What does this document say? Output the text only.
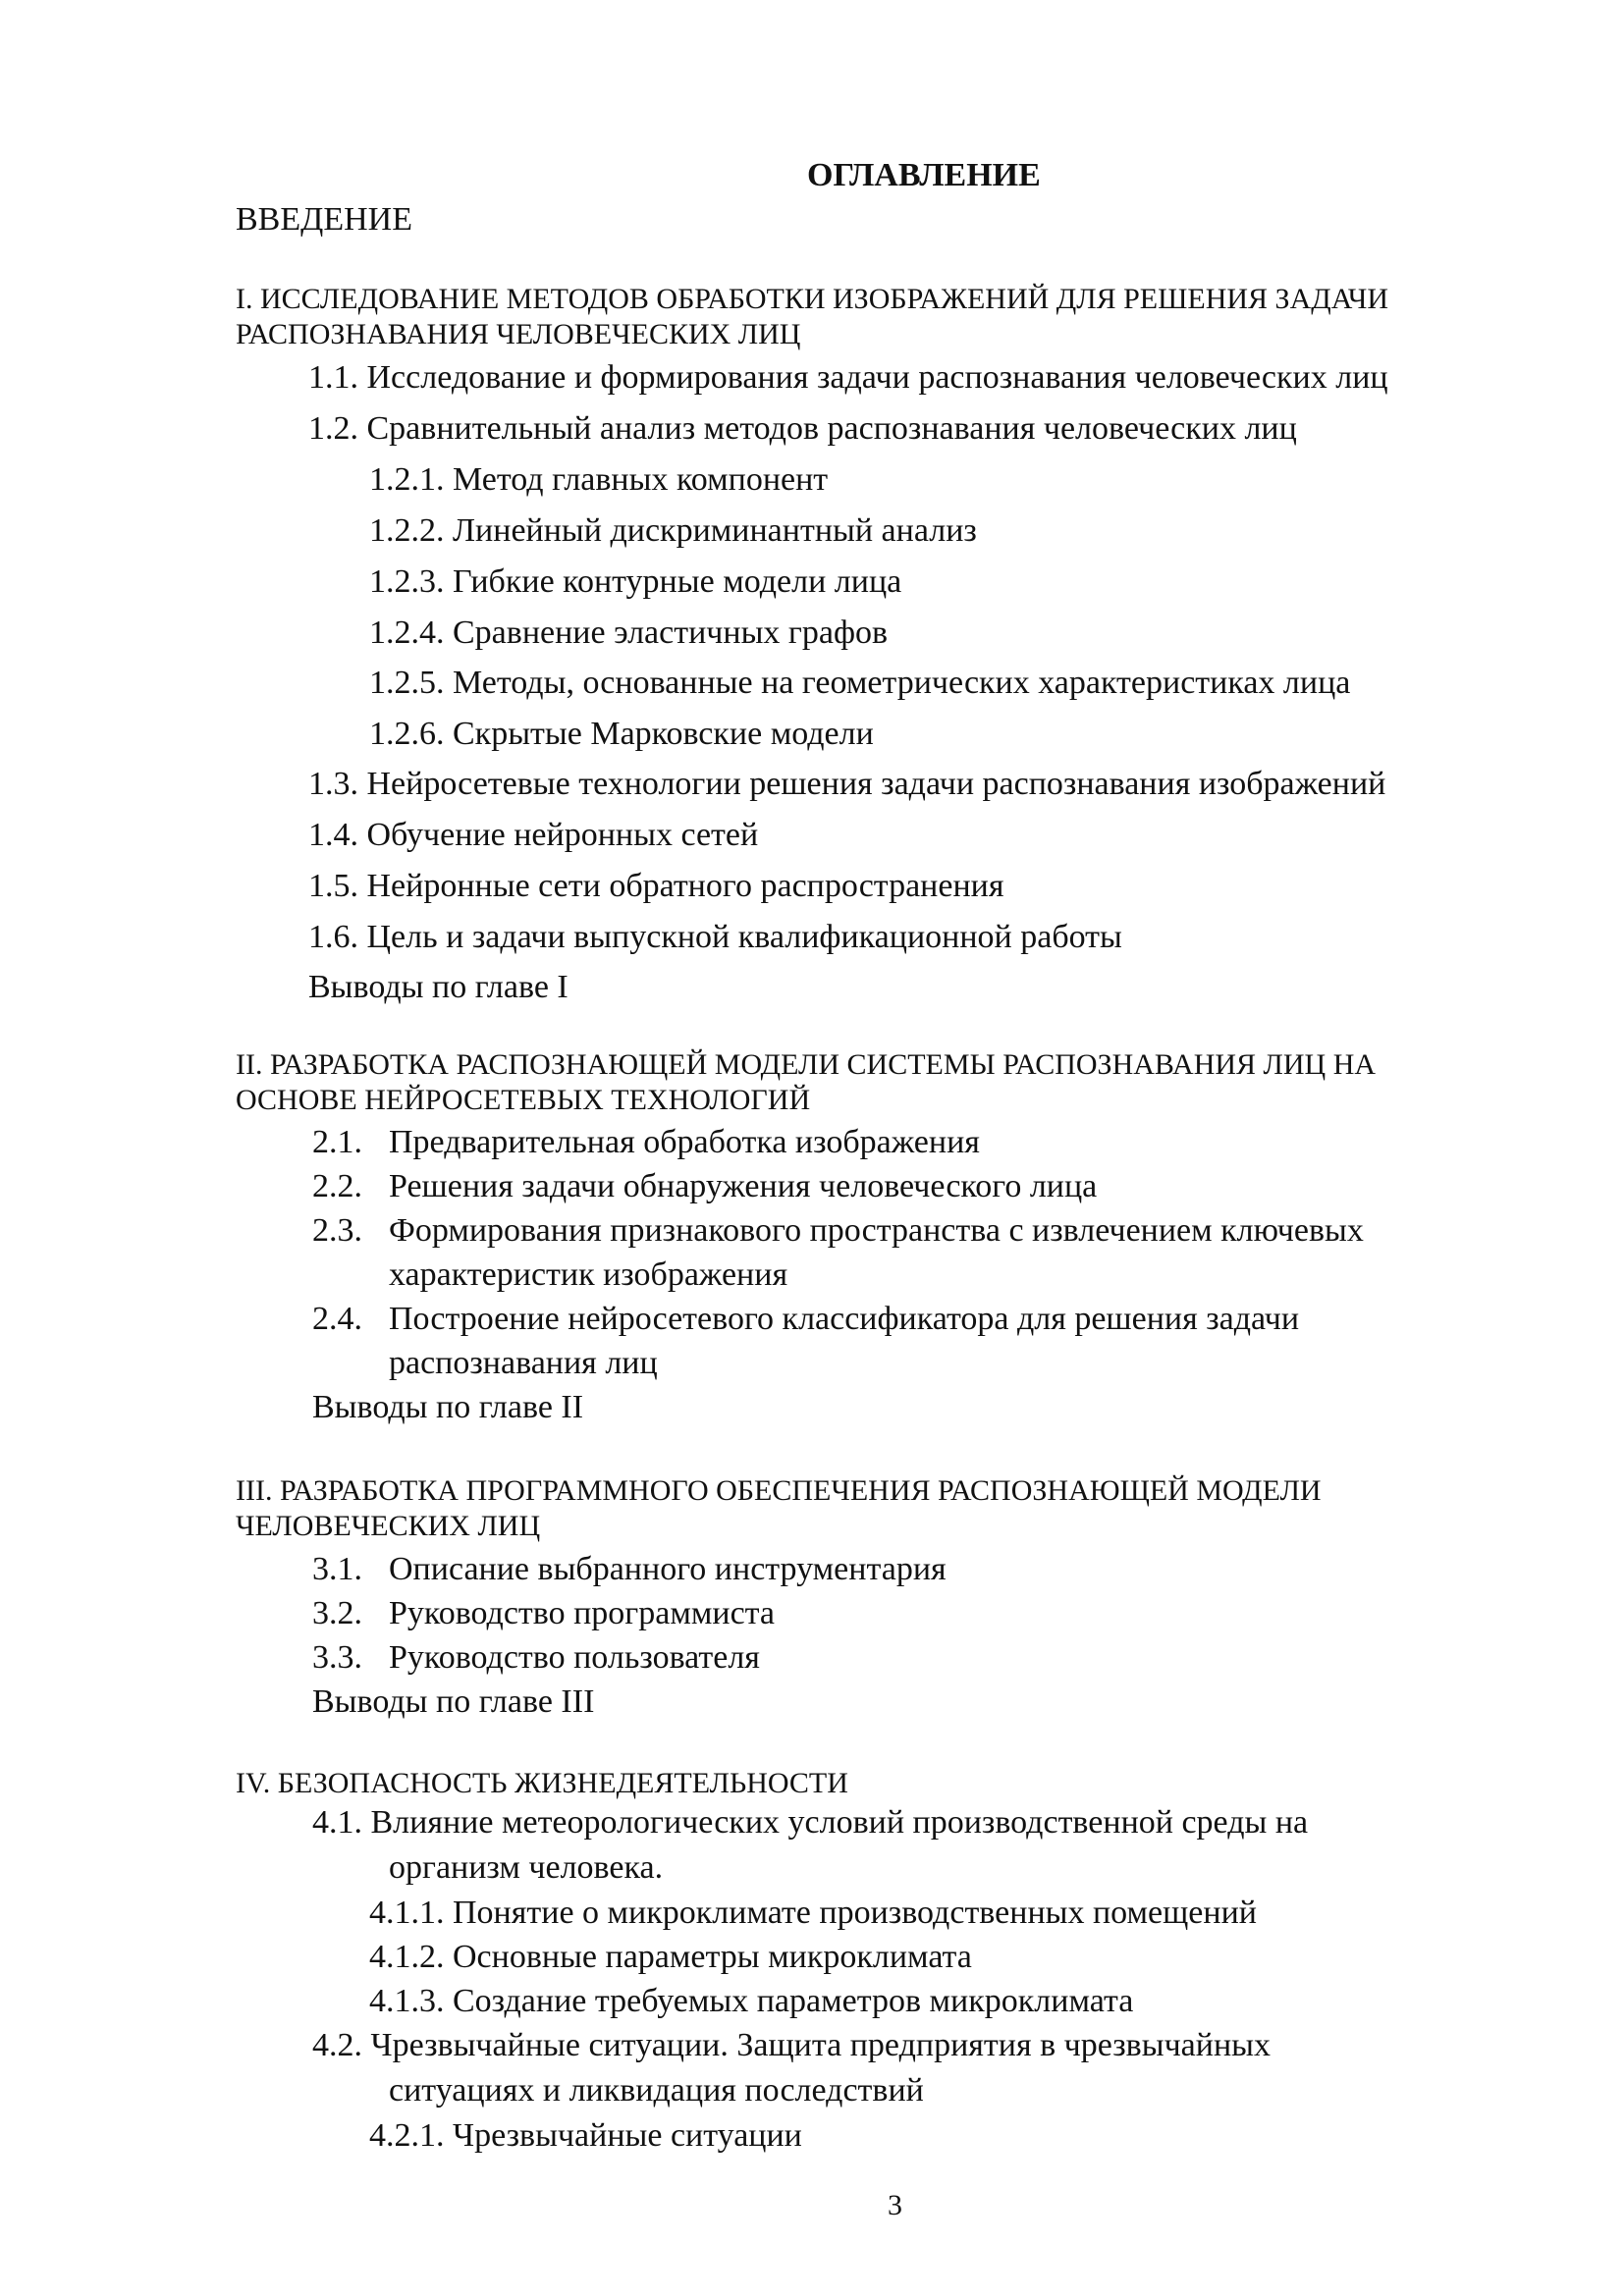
ОГЛАВЛЕНИЕ
ВВЕДЕНИЕ
I. ИССЛЕДОВАНИЕ МЕТОДОВ ОБРАБОТКИ ИЗОБРАЖЕНИЙ ДЛЯ РЕШЕНИЯ ЗАДАЧИ
РАСПОЗНАВАНИЯ ЧЕЛОВЕЧЕСКИХ ЛИЦ
1.1. Исследование и формирования задачи распознавания человеческих лиц
1.2. Сравнительный анализ методов распознавания человеческих лиц
1.2.1. Метод главных компонент
1.2.2. Линейный дискриминантный анализ
1.2.3. Гибкие контурные модели лица
1.2.4. Сравнение эластичных графов
1.2.5. Методы, основанные на геометрических характеристиках лица
1.2.6. Скрытые Марковские модели
1.3. Нейросетевые технологии решения задачи распознавания изображений
1.4. Обучение нейронных сетей
1.5. Нейронные сети обратного распространения
1.6. Цель и задачи выпускной квалификационной работы
Выводы по главе I
II. РАЗРАБОТКА РАСПОЗНАЮЩЕЙ МОДЕЛИ СИСТЕМЫ РАСПОЗНАВАНИЯ ЛИЦ НА
ОСНОВЕ НЕЙРОСЕТЕВЫХ ТЕХНОЛОГИЙ
2.1. Предварительная обработка изображения
2.2. Решения задачи обнаружения человеческого лица
2.3. Формирования признакового пространства с извлечением ключевых
характеристик изображения
2.4. Построение нейросетевого классификатора для решения задачи
распознавания лиц
Выводы по главе II
III. РАЗРАБОТКА ПРОГРАММНОГО ОБЕСПЕЧЕНИЯ РАСПОЗНАЮЩЕЙ МОДЕЛИ
ЧЕЛОВЕЧЕСКИХ ЛИЦ
3.1. Описание выбранного инструментария
3.2. Руководство программиста
3.3. Руководство пользователя
Выводы по главе III
IV. БЕЗОПАСНОСТЬ ЖИЗНЕДЕЯТЕЛЬНОСТИ
4.1. Влияние метеорологических условий производственной среды на
организм человека.
4.1.1. Понятие о микроклимате производственных помещений
4.1.2. Основные параметры микроклимата
4.1.3. Создание требуемых параметров микроклимата
4.2. Чрезвычайные ситуации. Защита предприятия в чрезвычайных
ситуациях и ликвидация последствий
4.2.1. Чрезвычайные ситуации
3
